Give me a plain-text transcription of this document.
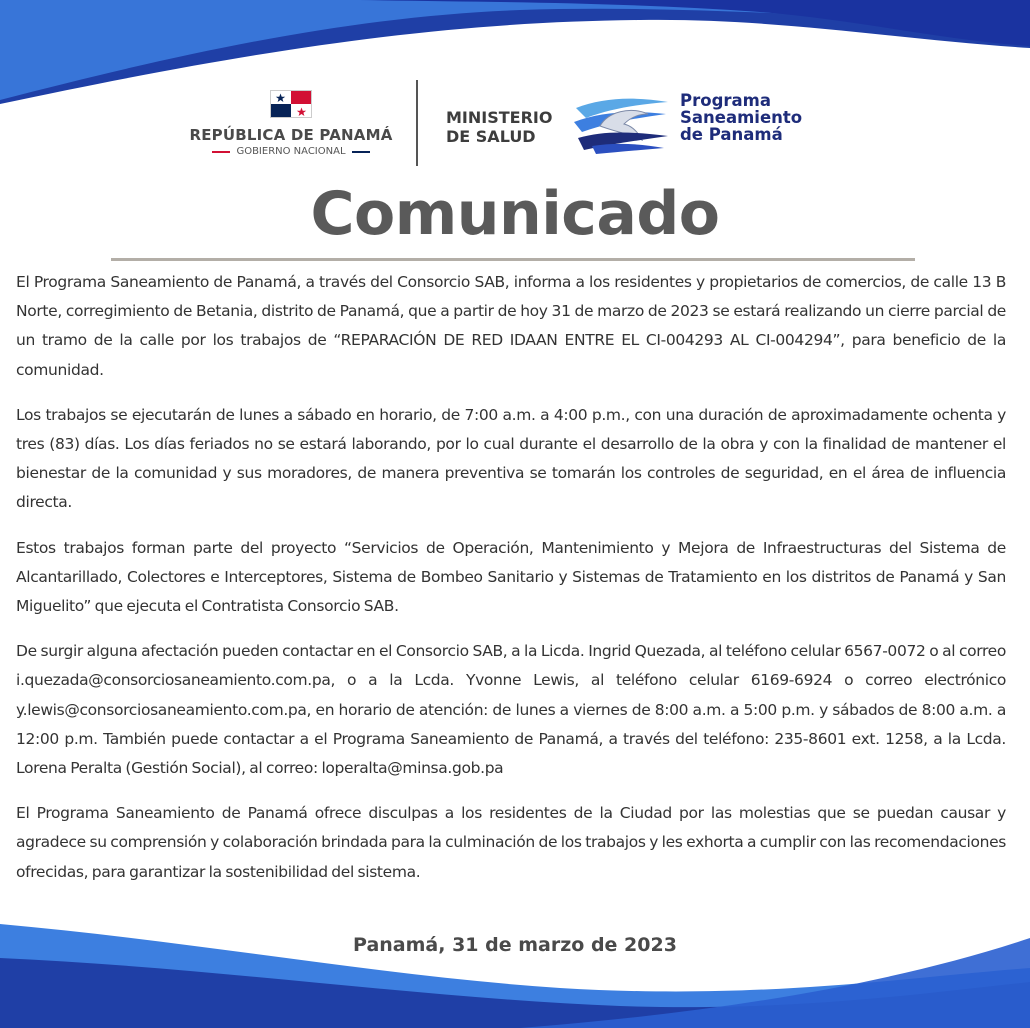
REPÚBLICA DE PANAMÁ
GOBIERNO NACIONAL
MINISTERIO
DE SALUD
Programa
Saneamiento
de Panamá
Comunicado

El Programa Saneamiento de Panamá, a través del Consorcio SAB, informa a los residentes y propietarios de comercios, de calle 13 B Norte, corregimiento de Betania, distrito de Panamá, que a partir de hoy 31 de marzo de 2023 se estará realizando un cierre parcial de un tramo de la calle por los trabajos de “REPARACIÓN DE RED IDAAN ENTRE EL CI-004293 AL CI-004294”, para beneficio de la comunidad.

Los trabajos se ejecutarán de lunes a sábado en horario, de 7:00 a.m. a 4:00 p.m., con una duración de aproximadamente ochenta y tres (83) días. Los días feriados no se estará laborando, por lo cual durante el desarrollo de la obra y con la finalidad de mantener el bienestar de la comunidad y sus moradores, de manera preventiva se tomarán los controles de seguridad, en el área de influencia directa.

Estos trabajos forman parte del proyecto “Servicios de Operación, Mantenimiento y Mejora de Infraestructuras del Sistema de Alcantarillado, Colectores e Interceptores, Sistema de Bombeo Sanitario y Sistemas de Tratamiento en los distritos de Panamá y San Miguelito” que ejecuta el Contratista Consorcio SAB.

De surgir alguna afectación pueden contactar en el Consorcio SAB, a la Licda. Ingrid Quezada, al teléfono celular 6567-0072 o al correo i.quezada@consorciosaneamiento.com.pa, o a la Lcda. Yvonne Lewis, al teléfono celular 6169-6924 o correo electrónico y.lewis@consorciosaneamiento.com.pa, en horario de atención: de lunes a viernes de 8:00 a.m. a 5:00 p.m. y sábados de 8:00 a.m. a 12:00 p.m. También puede contactar a el Programa Saneamiento de Panamá, a través del teléfono: 235-8601 ext. 1258, a la Lcda. Lorena Peralta (Gestión Social), al correo: loperalta@minsa.gob.pa

El Programa Saneamiento de Panamá ofrece disculpas a los residentes de la Ciudad por las molestias que se puedan causar y agradece su comprensión y colaboración brindada para la culminación de los trabajos y les exhorta a cumplir con las recomendaciones ofrecidas, para garantizar la sostenibilidad del sistema.

Panamá, 31 de marzo de 2023
